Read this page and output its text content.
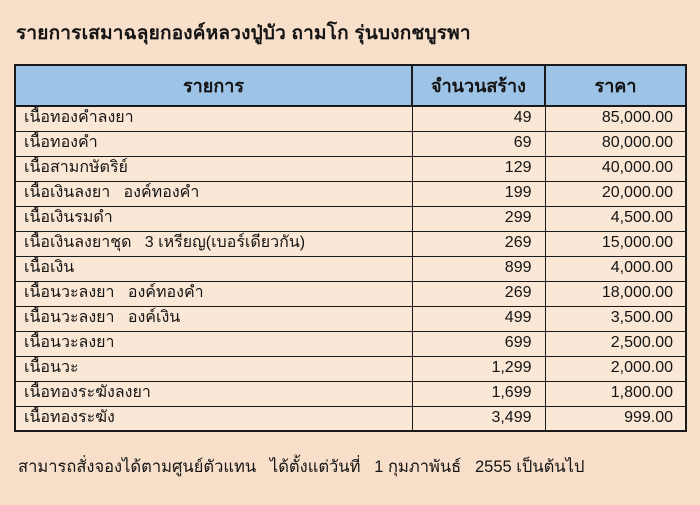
รายการเสมาฉลุยกองค์หลวงปู่บัว ถามโก รุ่นบงกชบูรพา
รายการ	จำนวนสร้าง	ราคา
เนื้อทองคำลงยา	49	85,000.00
เนื้อทองคำ	69	80,000.00
เนื้อสามกษัตริย์	129	40,000.00
เนื้อเงินลงยา   องค์ทองคำ	199	20,000.00
เนื้อเงินรมดำ	299	4,500.00
เนื้อเงินลงยาชุด   3 เหรียญ(เบอร์เดียวกัน)	269	15,000.00
เนื้อเงิน	899	4,000.00
เนื้อนวะลงยา   องค์ทองคำ	269	18,000.00
เนื้อนวะลงยา   องค์เงิน	499	3,500.00
เนื้อนวะลงยา	699	2,500.00
เนื้อนวะ	1,299	2,000.00
เนื้อทองระฆังลงยา	1,699	1,800.00
เนื้อทองระฆัง	3,499	999.00
สามารถสั่งจองได้ตามศูนย์ตัวแทน   ได้ตั้งแต่วันที่   1 กุมภาพันธ์   2555 เป็นต้นไป
